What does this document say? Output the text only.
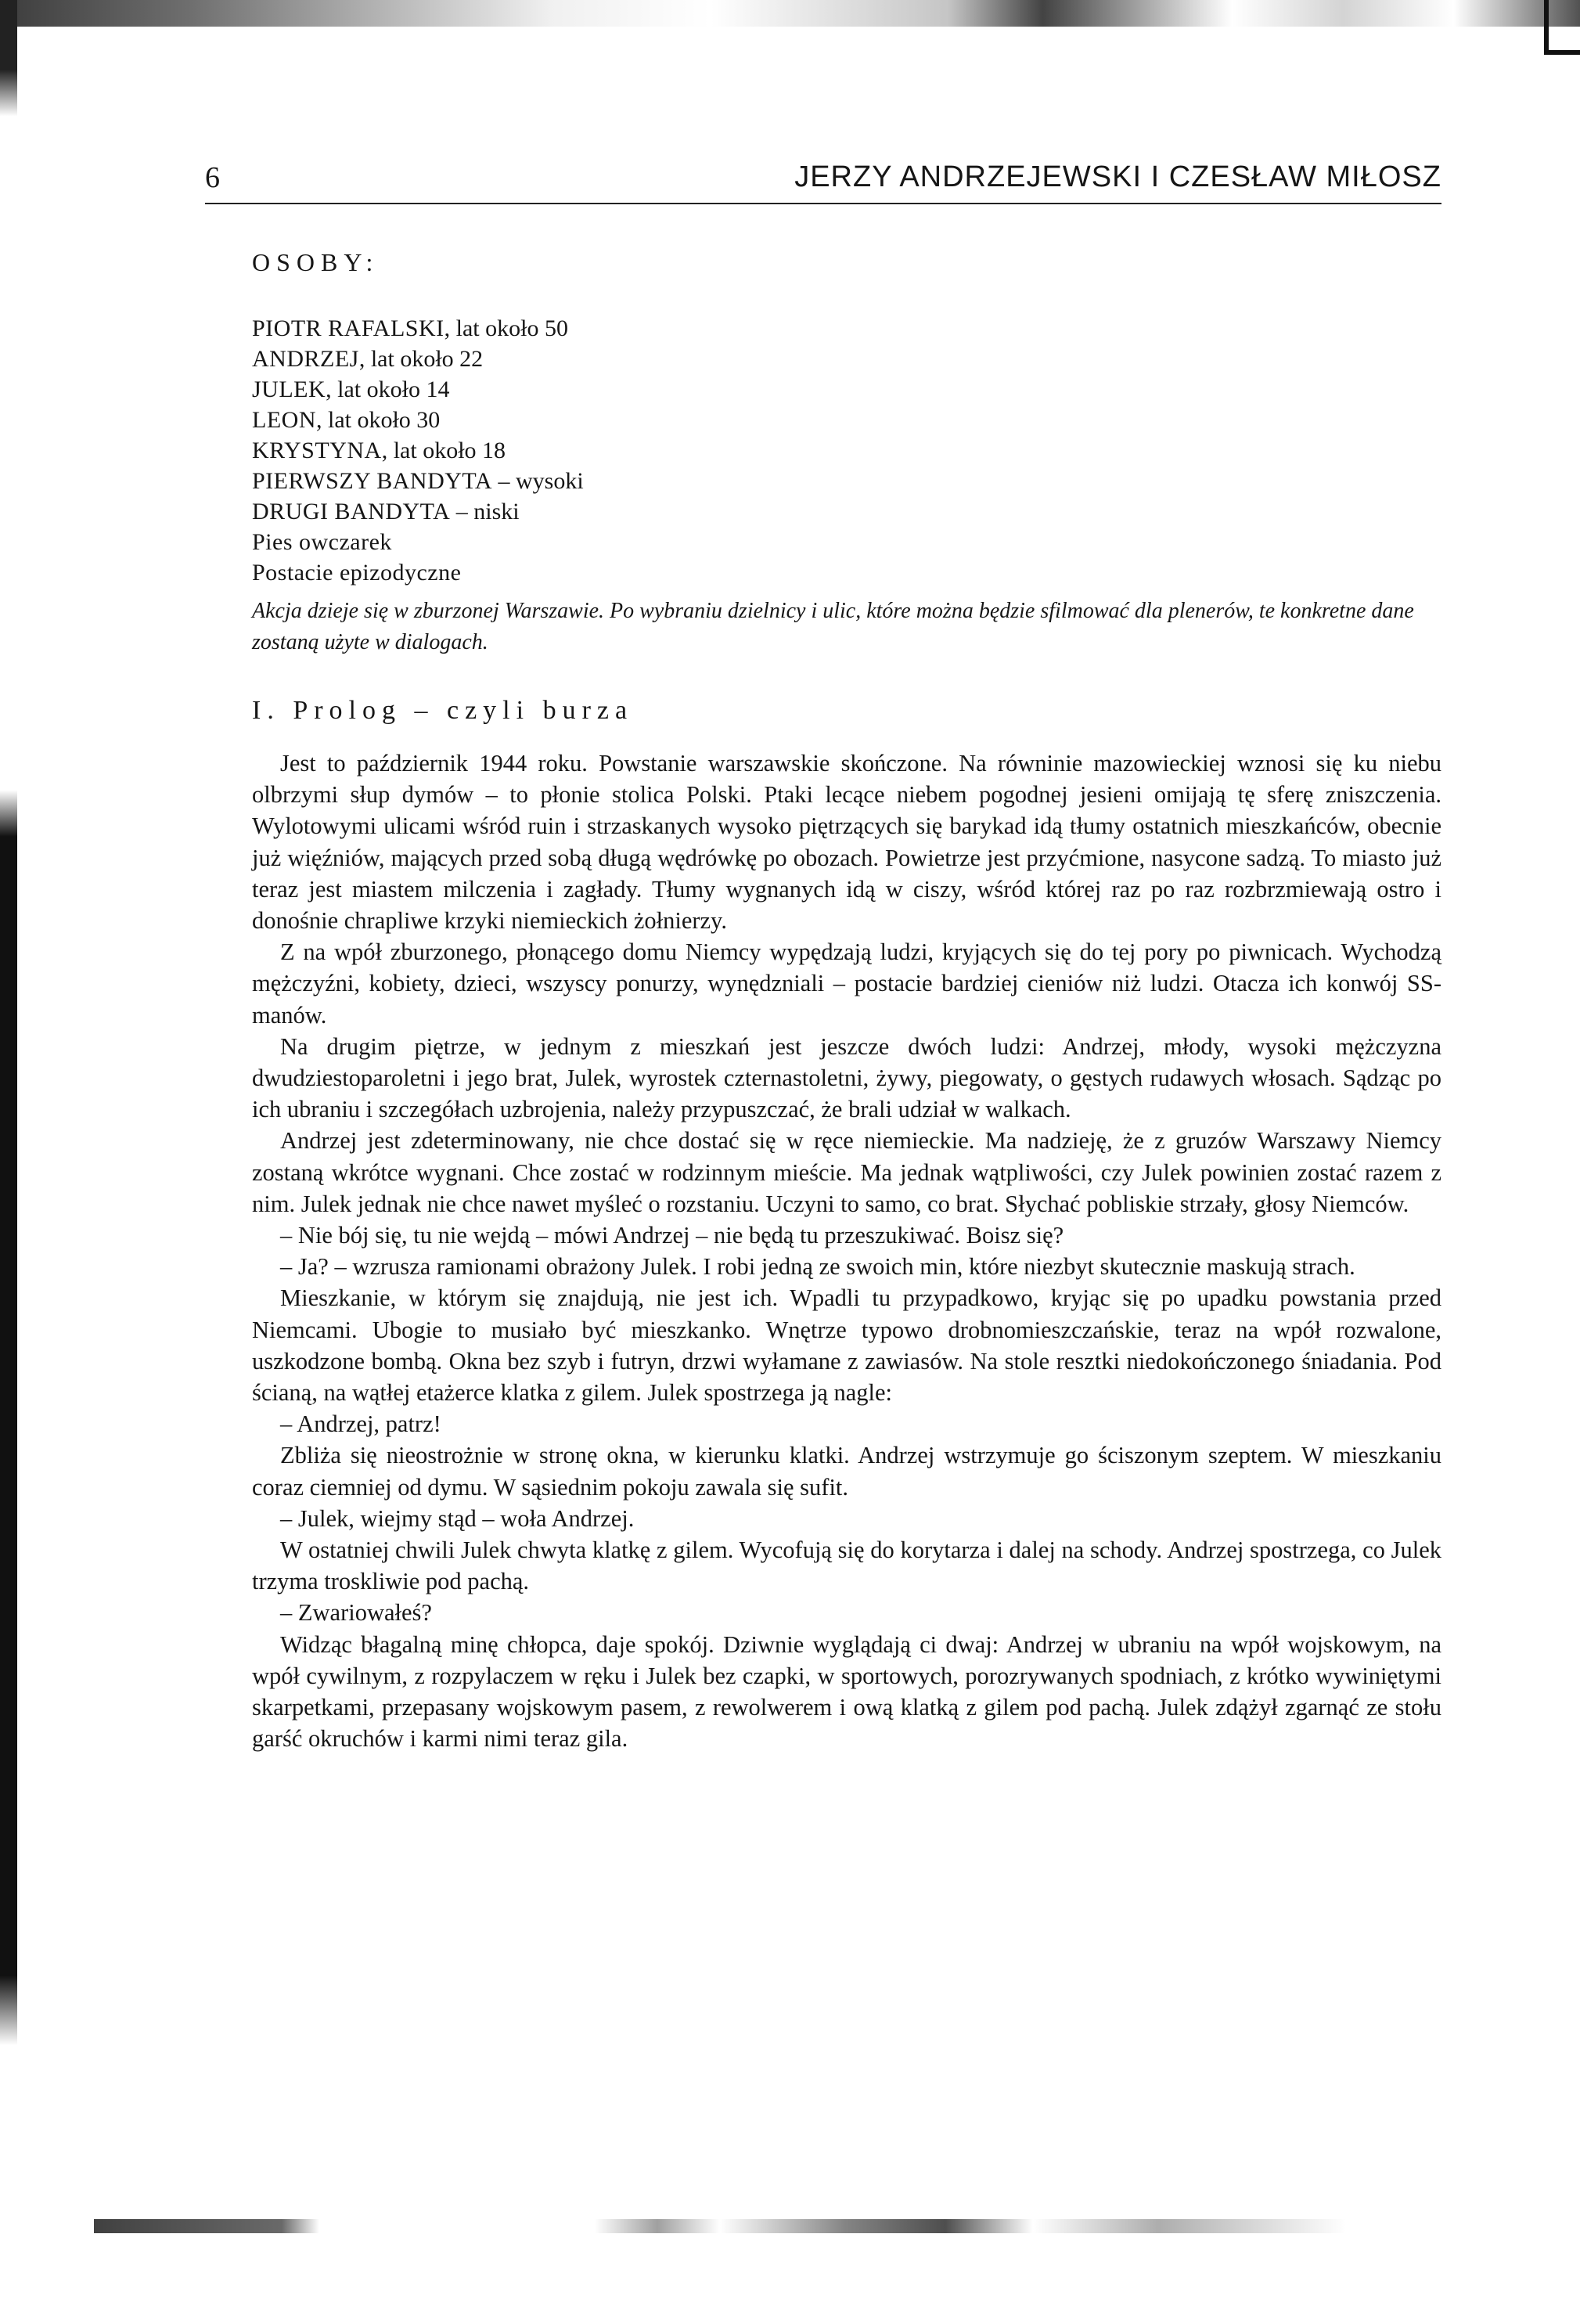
6	JERZY ANDRZEJEWSKI I CZESŁAW MIŁOSZ
OSOBY:
PIOTR RAFALSKI, lat około 50
ANDRZEJ, lat około 22
JULEK, lat około 14
LEON, lat około 30
KRYSTYNA, lat około 18
PIERWSZY BANDYTA – wysoki
DRUGI BANDYTA – niski
Pies owczarek
Postacie epizodyczne
Akcja dzieje się w zburzonej Warszawie. Po wybraniu dzielnicy i ulic, które można będzie sfilmować dla plenerów, te konkretne dane zostaną użyte w dialogach.
I. Prolog – czyli burza

Jest to październik 1944 roku. Powstanie warszawskie skończone. Na równinie mazowieckiej wznosi się ku niebu olbrzymi słup dymów – to płonie stolica Polski. Ptaki lecące niebem pogodnej jesieni omijają tę sferę zniszczenia. Wylotowymi ulicami wśród ruin i strzaskanych wysoko piętrzących się barykad idą tłumy ostatnich mieszkańców, obecnie już więźniów, mających przed sobą długą wędrówkę po obozach. Powietrze jest przyćmione, nasycone sadzą. To miasto już teraz jest miastem milczenia i zagłady. Tłumy wygnanych idą w ciszy, wśród której raz po raz rozbrzmiewają ostro i donośnie chrapliwe krzyki niemieckich żołnierzy.

Z na wpół zburzonego, płonącego domu Niemcy wypędzają ludzi, kryjących się do tej pory po piwnicach. Wychodzą mężczyźni, kobiety, dzieci, wszyscy ponurzy, wynędzniali – postacie bardziej cieniów niż ludzi. Otacza ich konwój SS-manów.

Na drugim piętrze, w jednym z mieszkań jest jeszcze dwóch ludzi: Andrzej, młody, wysoki mężczyzna dwudziestoparoletni i jego brat, Julek, wyrostek czternastoletni, żywy, piegowaty, o gęstych rudawych włosach. Sądząc po ich ubraniu i szczegółach uzbrojenia, należy przypuszczać, że brali udział w walkach.

Andrzej jest zdeterminowany, nie chce dostać się w ręce niemieckie. Ma nadzieję, że z gruzów Warszawy Niemcy zostaną wkrótce wygnani. Chce zostać w rodzinnym mieście. Ma jednak wątpliwości, czy Julek powinien zostać razem z nim. Julek jednak nie chce nawet myśleć o rozstaniu. Uczyni to samo, co brat. Słychać pobliskie strzały, głosy Niemców.

– Nie bój się, tu nie wejdą – mówi Andrzej – nie będą tu przeszukiwać. Boisz się?

– Ja? – wzrusza ramionami obrażony Julek. I robi jedną ze swoich min, które niezbyt skutecznie maskują strach.

Mieszkanie, w którym się znajdują, nie jest ich. Wpadli tu przypadkowo, kryjąc się po upadku powstania przed Niemcami. Ubogie to musiało być mieszkanko. Wnętrze typowo drobnomieszczańskie, teraz na wpół rozwalone, uszkodzone bombą. Okna bez szyb i futryn, drzwi wyłamane z zawiasów. Na stole resztki niedokończonego śniadania. Pod ścianą, na wątłej etażerce klatka z gilem. Julek spostrzega ją nagle:

– Andrzej, patrz!

Zbliża się nieostrożnie w stronę okna, w kierunku klatki. Andrzej wstrzymuje go ściszonym szeptem. W mieszkaniu coraz ciemniej od dymu. W sąsiednim pokoju zawala się sufit.

– Julek, wiejmy stąd – woła Andrzej.

W ostatniej chwili Julek chwyta klatkę z gilem. Wycofują się do korytarza i dalej na schody. Andrzej spostrzega, co Julek trzyma troskliwie pod pachą.

– Zwariowałeś?

Widząc błagalną minę chłopca, daje spokój. Dziwnie wyglądają ci dwaj: Andrzej w ubraniu na wpół wojskowym, na wpół cywilnym, z rozpylaczem w ręku i Julek bez czapki, w sportowych, porozrywanych spodniach, z krótko wywiniętymi skarpetkami, przepasany wojskowym pasem, z rewolwerem i ową klatką z gilem pod pachą. Julek zdążył zgarnąć ze stołu garść okruchów i karmi nimi teraz gila.
